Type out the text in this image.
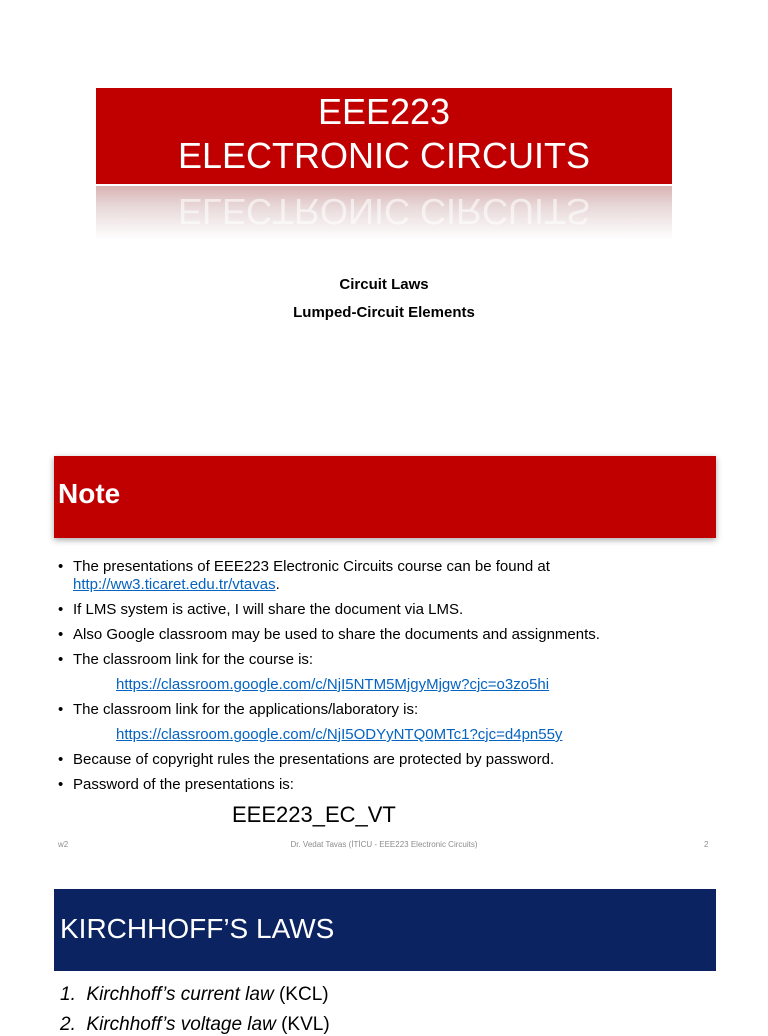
EEE223
ELECTRONIC CIRCUITS
ELECTRONIC CIRCUITS
Circuit Laws
Lumped-Circuit Elements
Note
• The presentations of EEE223 Electronic Circuits course can be found at
http://ww3.ticaret.edu.tr/vtavas.
• If LMS system is active, I will share the document via LMS.
• Also Google classroom may be used to share the documents and assignments.
• The classroom link for the course is:
https://classroom.google.com/c/NjI5NTM5MjgyMjgw?cjc=o3zo5hi
• The classroom link for the applications/laboratory is:
https://classroom.google.com/c/NjI5ODYyNTQ0MTc1?cjc=d4pn55y
• Because of copyright rules the presentations are protected by password.
• Password of the presentations is:
EEE223_EC_VT
w2	Dr. Vedat Tavas (İTİCU - EEE223 Electronic Circuits)	2
KIRCHHOFF’S LAWS
1. Kirchhoff’s current law (KCL)
2. Kirchhoff’s voltage law (KVL)
